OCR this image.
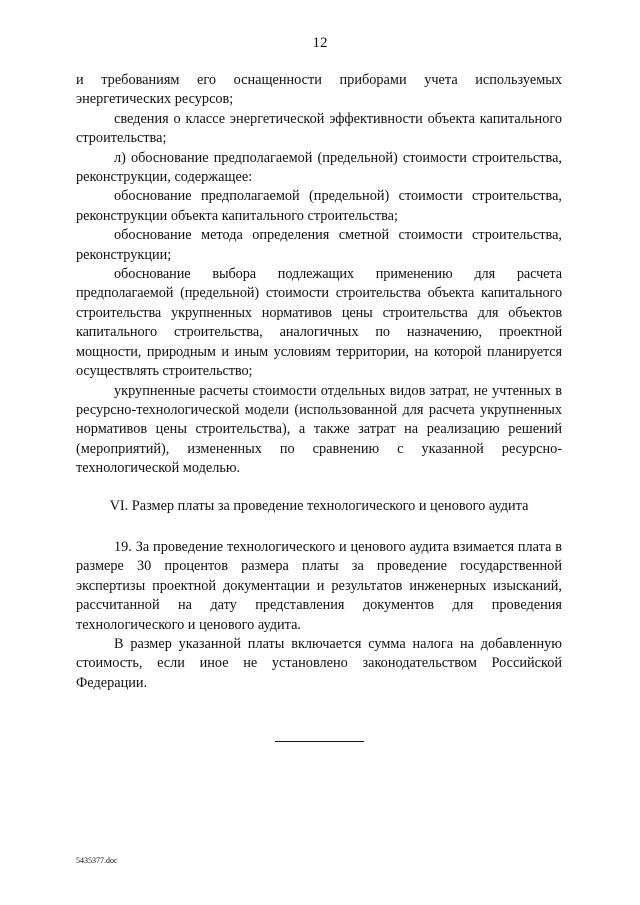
12

и требованиям его оснащенности приборами учета используемых энергетических ресурсов;

сведения о классе энергетической эффективности объекта капитального строительства;

л) обоснование предполагаемой (предельной) стоимости строительства, реконструкции, содержащее:

обоснование предполагаемой (предельной) стоимости строительства, реконструкции объекта капитального строительства;

обоснование метода определения сметной стоимости строительства, реконструкции;

обоснование выбора подлежащих применению для расчета предполагаемой (предельной) стоимости строительства объекта капитального строительства укрупненных нормативов цены строительства для объектов капитального строительства, аналогичных по назначению, проектной мощности, природным и иным условиям территории, на которой планируется осуществлять строительство;

укрупненные расчеты стоимости отдельных видов затрат, не учтенных в ресурсно-технологической модели (использованной для расчета укрупненных нормативов цены строительства), а также затрат на реализацию решений (мероприятий), измененных по сравнению с указанной ресурсно-технологической моделью.

VI. Размер платы за проведение технологического и ценового аудита

19. За проведение технологического и ценового аудита взимается плата в размере 30 процентов размера платы за проведение государственной экспертизы проектной документации и результатов инженерных изысканий, рассчитанной на дату представления документов для проведения технологического и ценового аудита.

В размер указанной платы включается сумма налога на добавленную стоимость, если иное не установлено законодательством Российской Федерации.

5435377.doc
